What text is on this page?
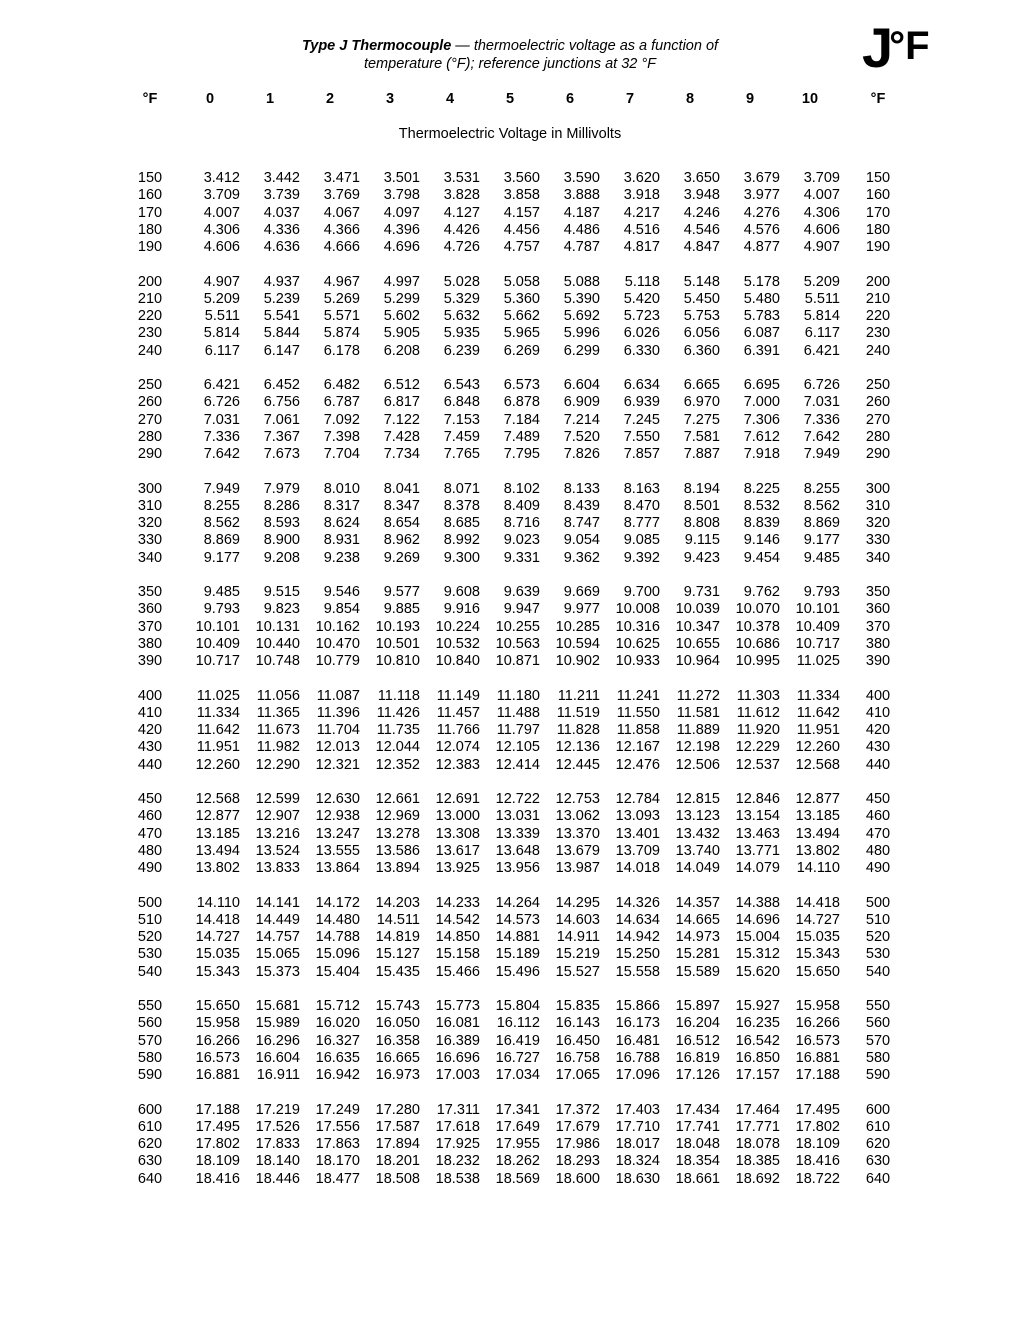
Type J Thermocouple — thermoelectric voltage as a function of
temperature (°F); reference junctions at 32 °F	J°F
Thermoelectric Voltage in Millivolts
°F	0	1	2	3	4	5	6	7	8	9	10	°F

150	3.412	3.442	3.471	3.501	3.531	3.560	3.590	3.620	3.650	3.679	3.709	150
160	3.709	3.739	3.769	3.798	3.828	3.858	3.888	3.918	3.948	3.977	4.007	160
170	4.007	4.037	4.067	4.097	4.127	4.157	4.187	4.217	4.246	4.276	4.306	170
180	4.306	4.336	4.366	4.396	4.426	4.456	4.486	4.516	4.546	4.576	4.606	180
190	4.606	4.636	4.666	4.696	4.726	4.757	4.787	4.817	4.847	4.877	4.907	190

200	4.907	4.937	4.967	4.997	5.028	5.058	5.088	5.118	5.148	5.178	5.209	200
210	5.209	5.239	5.269	5.299	5.329	5.360	5.390	5.420	5.450	5.480	5.511	210
220	5.511	5.541	5.571	5.602	5.632	5.662	5.692	5.723	5.753	5.783	5.814	220
230	5.814	5.844	5.874	5.905	5.935	5.965	5.996	6.026	6.056	6.087	6.117	230
240	6.117	6.147	6.178	6.208	6.239	6.269	6.299	6.330	6.360	6.391	6.421	240

250	6.421	6.452	6.482	6.512	6.543	6.573	6.604	6.634	6.665	6.695	6.726	250
260	6.726	6.756	6.787	6.817	6.848	6.878	6.909	6.939	6.970	7.000	7.031	260
270	7.031	7.061	7.092	7.122	7.153	7.184	7.214	7.245	7.275	7.306	7.336	270
280	7.336	7.367	7.398	7.428	7.459	7.489	7.520	7.550	7.581	7.612	7.642	280
290	7.642	7.673	7.704	7.734	7.765	7.795	7.826	7.857	7.887	7.918	7.949	290

300	7.949	7.979	8.010	8.041	8.071	8.102	8.133	8.163	8.194	8.225	8.255	300
310	8.255	8.286	8.317	8.347	8.378	8.409	8.439	8.470	8.501	8.532	8.562	310
320	8.562	8.593	8.624	8.654	8.685	8.716	8.747	8.777	8.808	8.839	8.869	320
330	8.869	8.900	8.931	8.962	8.992	9.023	9.054	9.085	9.115	9.146	9.177	330
340	9.177	9.208	9.238	9.269	9.300	9.331	9.362	9.392	9.423	9.454	9.485	340

350	9.485	9.515	9.546	9.577	9.608	9.639	9.669	9.700	9.731	9.762	9.793	350
360	9.793	9.823	9.854	9.885	9.916	9.947	9.977	10.008	10.039	10.070	10.101	360
370	10.101	10.131	10.162	10.193	10.224	10.255	10.285	10.316	10.347	10.378	10.409	370
380	10.409	10.440	10.470	10.501	10.532	10.563	10.594	10.625	10.655	10.686	10.717	380
390	10.717	10.748	10.779	10.810	10.840	10.871	10.902	10.933	10.964	10.995	11.025	390

400	11.025	11.056	11.087	11.118	11.149	11.180	11.211	11.241	11.272	11.303	11.334	400
410	11.334	11.365	11.396	11.426	11.457	11.488	11.519	11.550	11.581	11.612	11.642	410
420	11.642	11.673	11.704	11.735	11.766	11.797	11.828	11.858	11.889	11.920	11.951	420
430	11.951	11.982	12.013	12.044	12.074	12.105	12.136	12.167	12.198	12.229	12.260	430
440	12.260	12.290	12.321	12.352	12.383	12.414	12.445	12.476	12.506	12.537	12.568	440

450	12.568	12.599	12.630	12.661	12.691	12.722	12.753	12.784	12.815	12.846	12.877	450
460	12.877	12.907	12.938	12.969	13.000	13.031	13.062	13.093	13.123	13.154	13.185	460
470	13.185	13.216	13.247	13.278	13.308	13.339	13.370	13.401	13.432	13.463	13.494	470
480	13.494	13.524	13.555	13.586	13.617	13.648	13.679	13.709	13.740	13.771	13.802	480
490	13.802	13.833	13.864	13.894	13.925	13.956	13.987	14.018	14.049	14.079	14.110	490

500	14.110	14.141	14.172	14.203	14.233	14.264	14.295	14.326	14.357	14.388	14.418	500
510	14.418	14.449	14.480	14.511	14.542	14.573	14.603	14.634	14.665	14.696	14.727	510
520	14.727	14.757	14.788	14.819	14.850	14.881	14.911	14.942	14.973	15.004	15.035	520
530	15.035	15.065	15.096	15.127	15.158	15.189	15.219	15.250	15.281	15.312	15.343	530
540	15.343	15.373	15.404	15.435	15.466	15.496	15.527	15.558	15.589	15.620	15.650	540

550	15.650	15.681	15.712	15.743	15.773	15.804	15.835	15.866	15.897	15.927	15.958	550
560	15.958	15.989	16.020	16.050	16.081	16.112	16.143	16.173	16.204	16.235	16.266	560
570	16.266	16.296	16.327	16.358	16.389	16.419	16.450	16.481	16.512	16.542	16.573	570
580	16.573	16.604	16.635	16.665	16.696	16.727	16.758	16.788	16.819	16.850	16.881	580
590	16.881	16.911	16.942	16.973	17.003	17.034	17.065	17.096	17.126	17.157	17.188	590

600	17.188	17.219	17.249	17.280	17.311	17.341	17.372	17.403	17.434	17.464	17.495	600
610	17.495	17.526	17.556	17.587	17.618	17.649	17.679	17.710	17.741	17.771	17.802	610
620	17.802	17.833	17.863	17.894	17.925	17.955	17.986	18.017	18.048	18.078	18.109	620
630	18.109	18.140	18.170	18.201	18.232	18.262	18.293	18.324	18.354	18.385	18.416	630
640	18.416	18.446	18.477	18.508	18.538	18.569	18.600	18.630	18.661	18.692	18.722	640
